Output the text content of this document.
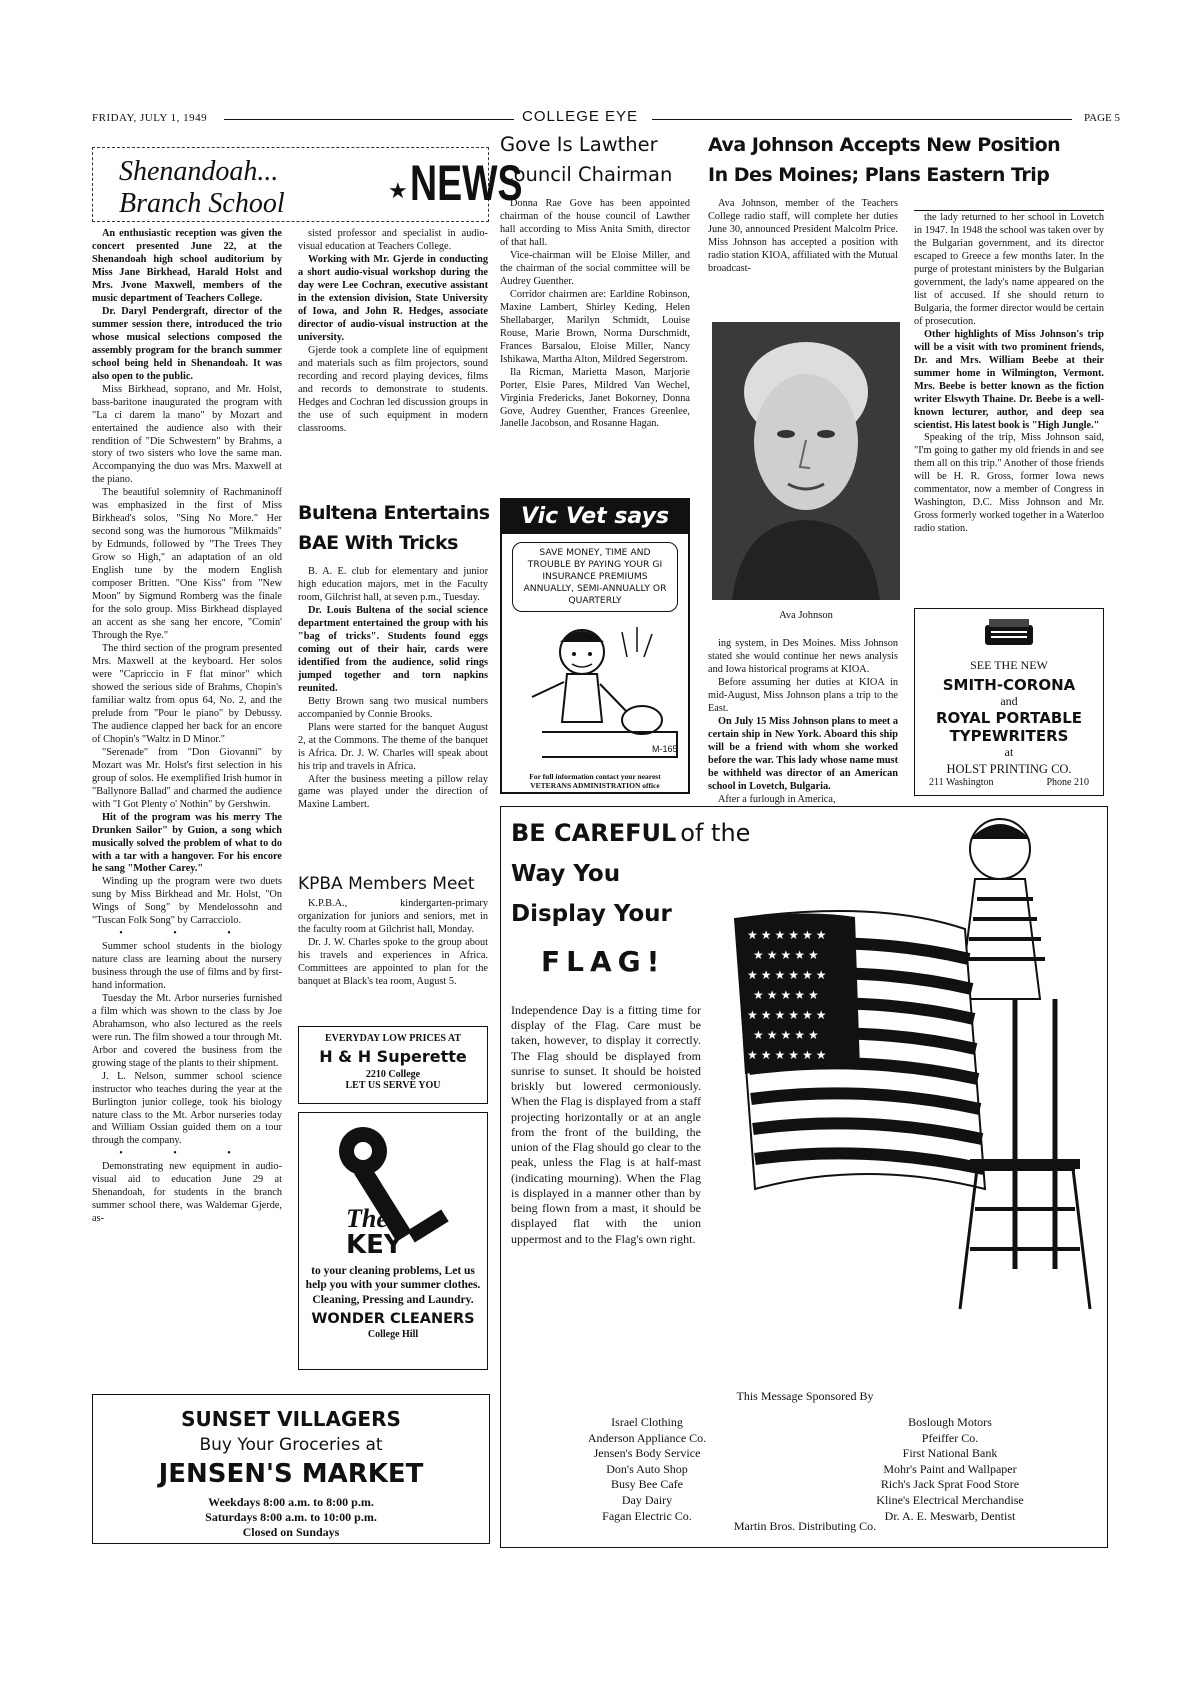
FRIDAY, JULY 1, 1949	COLLEGE EYE	PAGE 5
Shenandoah...
Branch School	★ NEWS

An enthusiastic reception was given the concert presented June 22, at the Shenandoah high school auditorium by Miss Jane Birkhead, Harald Holst and Mrs. Jvone Maxwell, members of the music department of Teachers College.

Dr. Daryl Pendergraft, director of the summer session there, introduced the trio whose musical selections composed the assembly program for the branch summer school being held in Shenandoah. It was also open to the public.

Miss Birkhead, soprano, and Mr. Holst, bass-baritone inaugurated the program with "La ci darem la mano" by Mozart and entertained the audience also with their rendition of "Die Schwestern" by Brahms, a story of two sisters who love the same man. Accompanying the duo was Mrs. Maxwell at the piano.

The beautiful solemnity of Rachmaninoff was emphasized in the first of Miss Birkhead's solos, "Sing No More." Her second song was the humorous "Milkmaids" by Edmunds, followed by "The Trees They Grow so High," an adaptation of an old English tune by the modern English composer Britten. "One Kiss" from "New Moon" by Sigmund Romberg was the finale for the solo group. Miss Birkhead displayed an accent as she sang her encore, "Comin' Through the Rye."

The third section of the program presented Mrs. Maxwell at the keyboard. Her solos were "Capriccio in F flat minor" which showed the serious side of Brahms, Chopin's familiar waltz from opus 64, No. 2, and the prelude from "Pour le piano" by Debussy. The audience clapped her back for an encore of Chopin's "Waltz in D Minor."

"Serenade" from "Don Giovanni" by Mozart was Mr. Holst's first selection in his group of solos. He exemplified Irish humor in "Ballynore Ballad" and charmed the audience with "I Got Plenty o' Nothin" by Gershwin.

Hit of the program was his merry The Drunken Sailor" by Guion, a song which musically solved the problem of what to do with a tar with a hangover. For his encore he sang "Mother Carey."

Winding up the program were two duets sung by Miss Birkhead and Mr. Holst, "On Wings of Song" by Mendelossohn and "Tuscan Folk Song" by Carracciolo.

• • •

Summer school students in the biology nature class are learning about the nursery business through the use of films and by first-hand information.

Tuesday the Mt. Arbor nurseries furnished a film which was shown to the class by Joe Abrahamson, who also lectured as the reels were run. The film showed a tour through Mt. Arbor and covered the business from the growing stage of the plants to their shipment.

J. L. Nelson, summer school science instructor who teaches during the year at the Burlington junior college, took his biology nature class to the Mt. Arbor nurseries today and William Ossian guided them on a tour through the company.

• • •

Demonstrating new equipment in audio-visual aid to education June 29 at Shenandoah, for students in the branch summer school there, was Waldemar Gjerde, as-

sisted professor and specialist in audio-visual education at Teachers College.

Working with Mr. Gjerde in conducting a short audio-visual workshop during the day were Lee Cochran, executive assistant in the extension division, State University of Iowa, and John R. Hedges, associate director of audio-visual instruction at the university.

Gjerde took a complete line of equipment and materials such as film projectors, sound recording and record playing devices, films and records to demonstrate to students. Hedges and Cochran led discussion groups in the use of such equipment in modern classrooms.

Bultena Entertains
BAE With Tricks

B. A. E. club for elementary and junior high education majors, met in the Faculty room, Gilchrist hall, at seven p.m., Tuesday.

Dr. Louis Bultena of the social science department entertained the group with his "bag of tricks". Students found eggs coming out of their hair, cards were identified from the audience, solid rings jumped together and torn napkins reunited.

Betty Brown sang two musical numbers accompanied by Connie Brooks.

Plans were started for the banquet August 2, at the Commons. The theme of the banquet is Africa. Dr. J. W. Charles will speak about his trip and travels in Africa.

After the business meeting a pillow relay game was played under the direction of Maxine Lambert.

KPBA Members Meet

K.P.B.A., kindergarten-primary organization for juniors and seniors, met in the faculty room at Gilchrist hall, Monday.

Dr. J. W. Charles spoke to the group about his travels and experiences in Africa. Committees are appointed to plan for the banquet at Black's tea room, August 5.

EVERYDAY LOW PRICES AT
H & H Superette
2210 College
LET US SERVE YOU
The
KEY
to your cleaning problems, Let us help you with your summer clothes. Cleaning, Pressing and Laundry.
WONDER CLEANERS
College Hill
SUNSET VILLAGERS
Buy Your Groceries at
JENSEN'S MARKET
Weekdays 8:00 a.m. to 8:00 p.m.
Saturdays 8:00 a.m. to 10:00 p.m.
Closed on Sundays
Gove Is Lawther
Council Chairman

Donna Rae Gove has been appointed chairman of the house council of Lawther hall according to Miss Anita Smith, director of that hall.

Vice-chairman will be Eloise Miller, and the chairman of the social committee will be Audrey Guenther.

Corridor chairmen are: Earldine Robinson, Maxine Lambert, Shirley Keding, Helen Shellabarger, Marilyn Schmidt, Louise Rouse, Marie Brown, Norma Durschmidt, Frances Barsalou, Eloise Miller, Nancy Ishikawa, Martha Alton, Mildred Segerstrom.

Ila Ricman, Marietta Mason, Marjorie Porter, Elsie Pares, Mildred Van Wechel, Virginia Fredericks, Janet Bokorney, Donna Gove, Audrey Guenther, Frances Greenlee, Janelle Jacobson, and Rosanne Hagan.

Vic Vet says
SAVE MONEY, TIME AND TROUBLE BY PAYING YOUR GI INSURANCE PREMIUMS ANNUALLY, SEMI-ANNUALLY OR QUARTERLY
M-165
For full information contact your nearest
VETERANS ADMINISTRATION office
Ava Johnson Accepts New Position
In Des Moines; Plans Eastern Trip

Ava Johnson, member of the Teachers College radio staff, will complete her duties June 30, announced President Malcolm Price. Miss Johnson has accepted a position with radio station KIOA, affiliated with the Mutual broadcast-

Ava Johnson

ing system, in Des Moines. Miss Johnson stated she would continue her news analysis and Iowa historical programs at KIOA.

Before assuming her duties at KIOA in mid-August, Miss Johnson plans a trip to the East.

On July 15 Miss Johnson plans to meet a certain ship in New York. Aboard this ship will be a friend with whom she worked before the war. This lady whose name must be withheld was director of an American school in Lovetch, Bulgaria.

After a furlough in America,

the lady returned to her school in Lovetch in 1947. In 1948 the school was taken over by the Bulgarian government, and its director escaped to Greece a few months later. In the purge of protestant ministers by the Bulgarian government, the lady's name appeared on the list of accused. If she should return to Bulgaria, the former director would be certain of prosecution.

Other highlights of Miss Johnson's trip will be a visit with two prominent friends, Dr. and Mrs. William Beebe at their summer home in Wilmington, Vermont. Mrs. Beebe is better known as the fiction writer Elswyth Thaine. Dr. Beebe is a well-known lecturer, author, and deep sea scientist. His latest book is "High Jungle."

Speaking of the trip, Miss Johnson said, "I'm going to gather my old friends in and see them all on this trip." Another of those friends will be H. R. Gross, former Iowa news commentator, now a member of Congress in Washington, D.C. Miss Johnson and Mr. Gross formerly worked together in a Waterloo radio station.

SEE THE NEW
SMITH-CORONA
and
ROYAL PORTABLE
TYPEWRITERS
at
HOLST PRINTING CO.
211 Washington	Phone 210
BE CAREFUL of the
Way You
Display Your
FLAG!
Independence Day is a fitting time for display of the Flag. Care must be taken, however, to display it correctly. The Flag should be displayed from sunrise to sunset. It should be hoisted briskly but lowered cermoniously. When the Flag is displayed from a staff projecting horizontally or at an angle from the front of the building, the union of the Flag should go clear to the peak, unless the Flag is at half-mast (indicating mourning). When the Flag is displayed in a manner other than by being flown from a mast, it should be displayed flat with the union uppermost and to the Flag's own right.
★ ★ ★ ★ ★ ★
★ ★ ★ ★ ★
★ ★ ★ ★ ★ ★
★ ★ ★ ★ ★
★ ★ ★ ★ ★ ★
★ ★ ★ ★ ★
★ ★ ★ ★ ★ ★
This Message Sponsored By
Israel Clothing
Anderson Appliance Co.
Jensen's Body Service
Don's Auto Shop
Busy Bee Cafe
Day Dairy
Fagan Electric Co.
Boslough Motors
Pfeiffer Co.
First National Bank
Mohr's Paint and Wallpaper
Rich's Jack Sprat Food Store
Kline's Electrical Merchandise
Dr. A. E. Meswarb, Dentist
Martin Bros. Distributing Co.
